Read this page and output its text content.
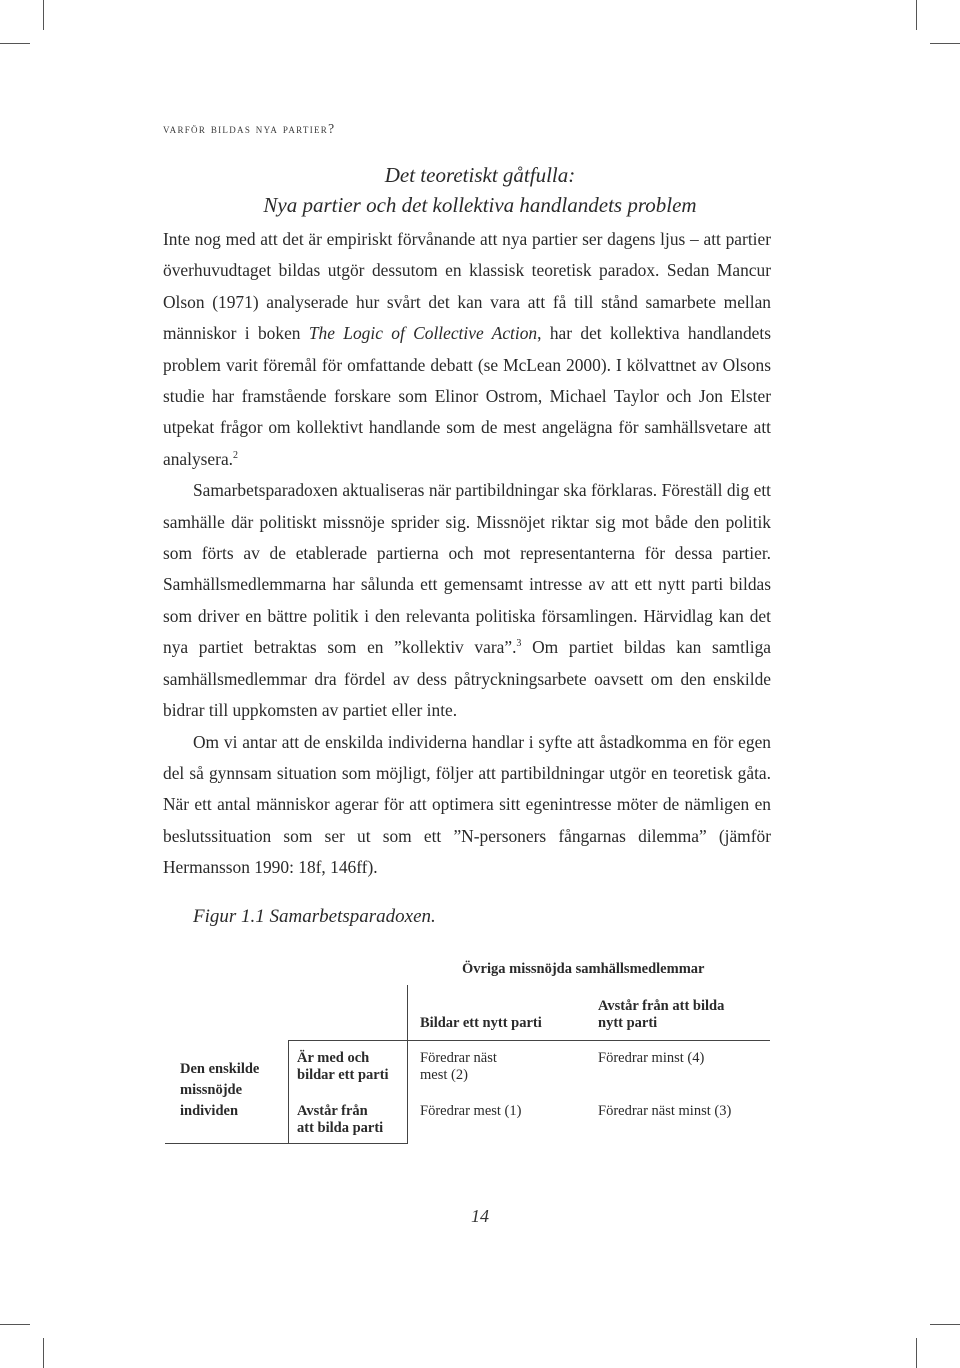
varför bildas nya partier?
Det teoretiskt gåtfulla:
Nya partier och det kollektiva handlandets problem

Inte nog med att det är empiriskt förvånande att nya partier ser dagens ljus – att partier överhuvudtaget bildas utgör dessutom en klassisk teoretisk paradox. Sedan Mancur Olson (1971) analyserade hur svårt det kan vara att få till stånd samarbete mellan människor i boken The Logic of Collective Action, har det kollektiva handlandets problem varit föremål för omfattande debatt (se McLean 2000). I kölvattnet av Olsons studie har framstående forskare som Elinor Ostrom, Michael Taylor och Jon Elster utpekat frågor om kollektivt handlande som de mest angelägna för samhällsvetare att analysera.$^2$

Samarbetsparadoxen aktualiseras när partibildningar ska förklaras. Föreställ dig ett samhälle där politiskt missnöje sprider sig. Missnöjet riktar sig mot både den politik som förts av de etablerade partierna och mot representanterna för dessa partier. Samhällsmedlemmarna har sålunda ett gemensamt intresse av att ett nytt parti bildas som driver en bättre politik i den relevanta politiska församlingen. Härvidlag kan det nya partiet betraktas som en ”kollektiv vara”.$^3$ Om partiet bildas kan samtliga samhällsmedlemmar dra fördel av dess påtryckningsarbete oavsett om den enskilde bidrar till uppkomsten av partiet eller inte.

Om vi antar att de enskilda individerna handlar i syfte att åstadkomma en för egen del så gynnsam situation som möjligt, följer att partibildningar utgör en teoretisk gåta. När ett antal människor agerar för att optimera sitt egenintresse möter de nämligen en beslutssituation som ser ut som ett ”N-personers fångarnas dilemma” (jämför Hermansson 1990: 18f, 146ff).

Figur 1.1 Samarbetsparadoxen.
Övriga missnöjda samhällsmedlemmar
Bildar ett nytt parti
Avstår från att bilda
nytt parti
Den enskilde
missnöjde
individen
Är med och
bildar ett parti
Avstår från
att bilda parti
Föredrar näst
mest (2)
Föredrar minst (4)
Föredrar mest (1)	Föredrar näst minst (3)
14
